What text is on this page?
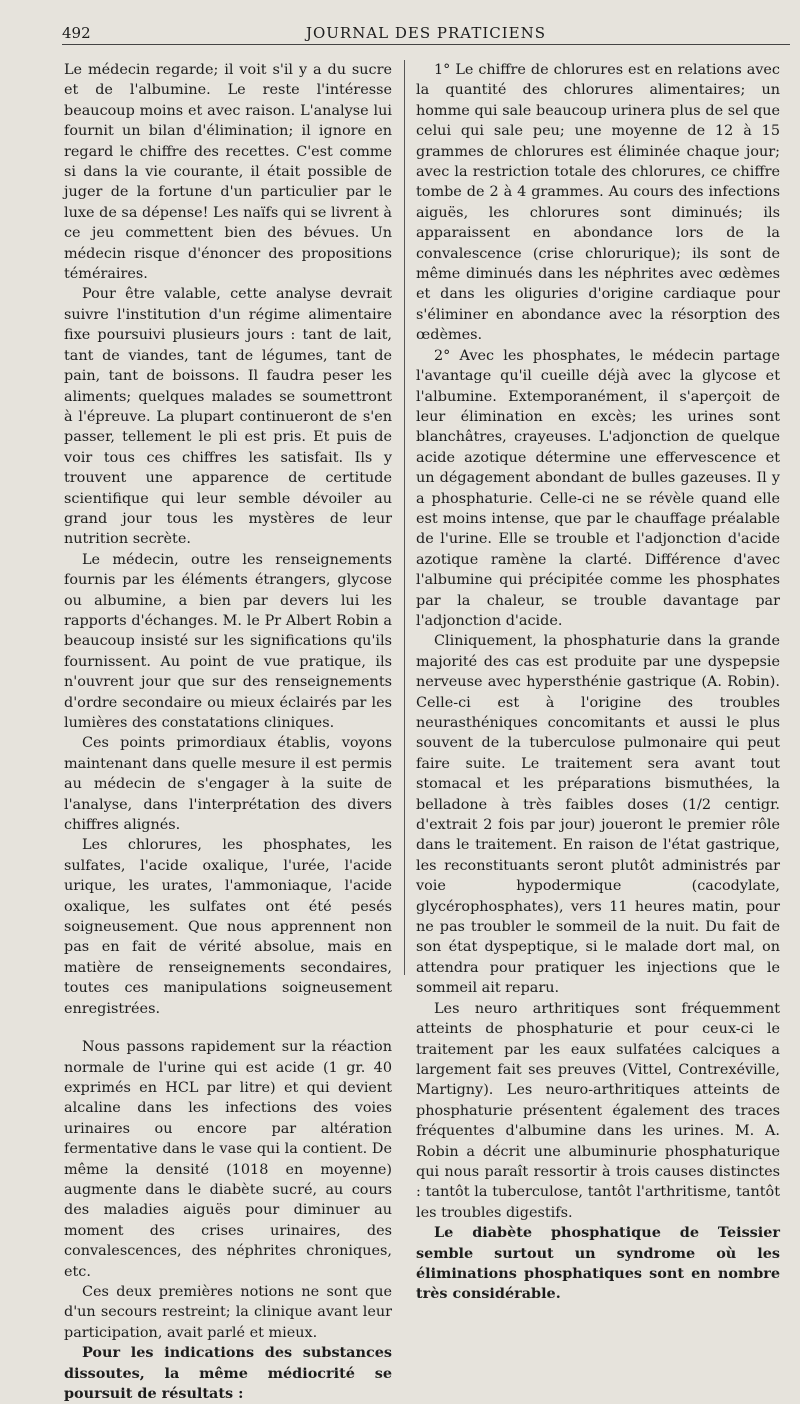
492	JOURNAL DES PRATICIENS

Le médecin regarde; il voit s'il y a du sucre et de l'albumine. Le reste l'intéresse beaucoup moins et avec raison. L'analyse lui fournit un bilan d'élimination; il ignore en regard le chiffre des recettes. C'est comme si dans la vie courante, il était possible de juger de la fortune d'un particulier par le luxe de sa dépense! Les naïfs qui se livrent à ce jeu commettent bien des bévues. Un médecin risque d'énoncer des propositions téméraires.

Pour être valable, cette analyse devrait suivre l'institution d'un régime alimentaire fixe poursuivi plusieurs jours : tant de lait, tant de viandes, tant de légumes, tant de pain, tant de boissons. Il faudra peser les aliments; quelques malades se soumettront à l'épreuve. La plupart continueront de s'en passer, tellement le pli est pris. Et puis de voir tous ces chiffres les satisfait. Ils y trouvent une apparence de certitude scientifique qui leur semble dévoiler au grand jour tous les mystères de leur nutrition secrète.

Le médecin, outre les renseignements fournis par les éléments étrangers, glycose ou albumine, a bien par devers lui les rapports d'échanges. M. le Pr Albert Robin a beaucoup insisté sur les significations qu'ils fournissent. Au point de vue pratique, ils n'ouvrent jour que sur des renseignements d'ordre secondaire ou mieux éclairés par les lumières des constatations cliniques.

Ces points primordiaux établis, voyons maintenant dans quelle mesure il est permis au médecin de s'engager à la suite de l'analyse, dans l'interprétation des divers chiffres alignés.

Les chlorures, les phosphates, les sulfates, l'acide oxalique, l'urée, l'acide urique, les urates, l'ammoniaque, l'acide oxalique, les sulfates ont été pesés soigneusement. Que nous apprennent non pas en fait de vérité absolue, mais en matière de renseignements secondaires, toutes ces manipulations soigneusement enregistrées.

Nous passons rapidement sur la réaction normale de l'urine qui est acide (1 gr. 40 exprimés en HCL par litre) et qui devient alcaline dans les infections des voies urinaires ou encore par altération fermentative dans le vase qui la contient. De même la densité (1018 en moyenne) augmente dans le diabète sucré, au cours des maladies aiguës pour diminuer au moment des crises urinaires, des convalescences, des néphrites chroniques, etc.

Ces deux premières notions ne sont que d'un secours restreint; la clinique avant leur participation, avait parlé et mieux.

Pour les indications des substances dissoutes, la même médiocrité se poursuit de résultats :

1° Le chiffre de chlorures est en relations avec la quantité des chlorures alimentaires; un homme qui sale beaucoup urinera plus de sel que celui qui sale peu; une moyenne de 12 à 15 grammes de chlorures est éliminée chaque jour; avec la restriction totale des chlorures, ce chiffre tombe de 2 à 4 grammes. Au cours des infections aiguës, les chlorures sont diminués; ils apparaissent en abondance lors de la convalescence (crise chlorurique); ils sont de même diminués dans les néphrites avec œdèmes et dans les oliguries d'origine cardiaque pour s'éliminer en abondance avec la résorption des œdèmes.

2° Avec les phosphates, le médecin partage l'avantage qu'il cueille déjà avec la glycose et l'albumine. Extemporanément, il s'aperçoit de leur élimination en excès; les urines sont blanchâtres, crayeuses. L'adjonction de quelque acide azotique détermine une effervescence et un dégagement abondant de bulles gazeuses. Il y a phosphaturie. Celle-ci ne se révèle quand elle est moins intense, que par le chauffage préalable de l'urine. Elle se trouble et l'adjonction d'acide azotique ramène la clarté. Différence d'avec l'albumine qui précipitée comme les phosphates par la chaleur, se trouble davantage par l'adjonction d'acide.

Cliniquement, la phosphaturie dans la grande majorité des cas est produite par une dyspepsie nerveuse avec hypersthénie gastrique (A. Robin). Celle-ci est à l'origine des troubles neurasthéniques concomitants et aussi le plus souvent de la tuberculose pulmonaire qui peut faire suite. Le traitement sera avant tout stomacal et les préparations bismuthées, la belladone à très faibles doses (1/2 centigr. d'extrait 2 fois par jour) joueront le premier rôle dans le traitement. En raison de l'état gastrique, les reconstituants seront plutôt administrés par voie hypodermique (cacodylate, glycérophosphates), vers 11 heures matin, pour ne pas troubler le sommeil de la nuit. Du fait de son état dyspeptique, si le malade dort mal, on attendra pour pratiquer les injections que le sommeil ait reparu.

Les neuro arthritiques sont fréquemment atteints de phosphaturie et pour ceux-ci le traitement par les eaux sulfatées calciques a largement fait ses preuves (Vittel, Contrexéville, Martigny). Les neuro-arthritiques atteints de phosphaturie présentent également des traces fréquentes d'albumine dans les urines. M. A. Robin a décrit une albuminurie phosphaturique qui nous paraît ressortir à trois causes distinctes : tantôt la tuberculose, tantôt l'arthritisme, tantôt les troubles digestifs.

Le diabète phosphatique de Teissier semble surtout un syndrome où les éliminations phosphatiques sont en nombre très considérable.
